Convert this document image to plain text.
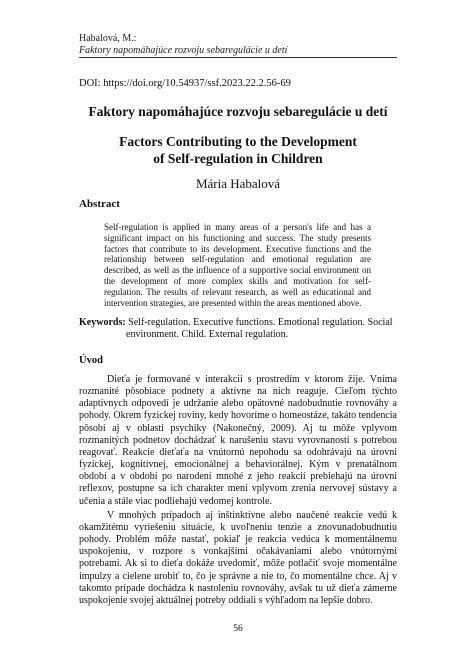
Habalová, M.:
Faktory napomáhajúce rozvoju sebaregulácie u detí
DOI: https://doi.org/10.54937/ssf.2023.22.2.56-69
Faktory napomáhajúce rozvoju sebaregulácie u detí
Factors Contributing to the Development
of Self-regulation in Children
Mária Habalová
Abstract

Self-regulation is applied in many areas of a person's life and has a significant impact on his functioning and success. The study presents factors that contribute to its development. Executive functions and the relationship between self-regulation and emotional regulation are described, as well as the influence of a supportive social environment on the development of more complex skills and motivation for self-regulation. The results of relevant research, as well as educational and intervention strategies, are presented within the areas mentioned above.

Keywords: Self-regulation. Executive functions. Emotional regulation. Social environment. Child. External regulation.

Úvod

Dieťa je formované v interakcii s prostredím v ktorom žije. Vníma rozmanité pôsobiace podnety a aktívne na nich reaguje. Cieľom týchto adaptívnych odpovedí je udržanie alebo opätovné nadobudnutie rovnováhy a pohody. Okrem fyzickej roviny, kedy hovoríme o homeostáze, takáto tendencia pôsobí aj v oblasti psychiky (Nakonečný, 2009). Aj tu môže vplyvom rozmanitých podnetov dochádzať k narušeniu stavu vyrovnanosti s potrebou reagovať. Reakcie dieťaťa na vnútornú nepohodu sa odohrávajú na úrovni fyzickej, kognitívnej, emocionálnej a behaviorálnej. Kým v prenatálnom období a v období po narodení mnohé z jeho reakcií prebiehajú na úrovni reflexov, postupne sa ich charakter mení vplyvom zrenia nervovej sústavy a učenia a stále viac podliehajú vedomej kontrole.

V mnohých prípadoch aj inštinktívne alebo naučené reakcie vedú k okamžitému vyriešeniu situácie, k uvoľneniu tenzie a znovunadobudnutiu pohody. Problém môže nastať, pokiaľ je reakcia vedúca k momentálnemu uspokojeniu, v rozpore s vonkajšími očakávaniami alebo vnútornými potrebami. Ak si to dieťa dokáže uvedomiť, môže potlačiť svoje momentálne impulzy a cielene urobiť to, čo je správne a nie to, čo momentálne chce. Aj v takomto prípade dochádza k nastoleniu rovnováhy, avšak tu už dieťa zámerne uspokojenie svojej aktuálnej potreby oddiali s výhľadom na lepšie dobro.

56
